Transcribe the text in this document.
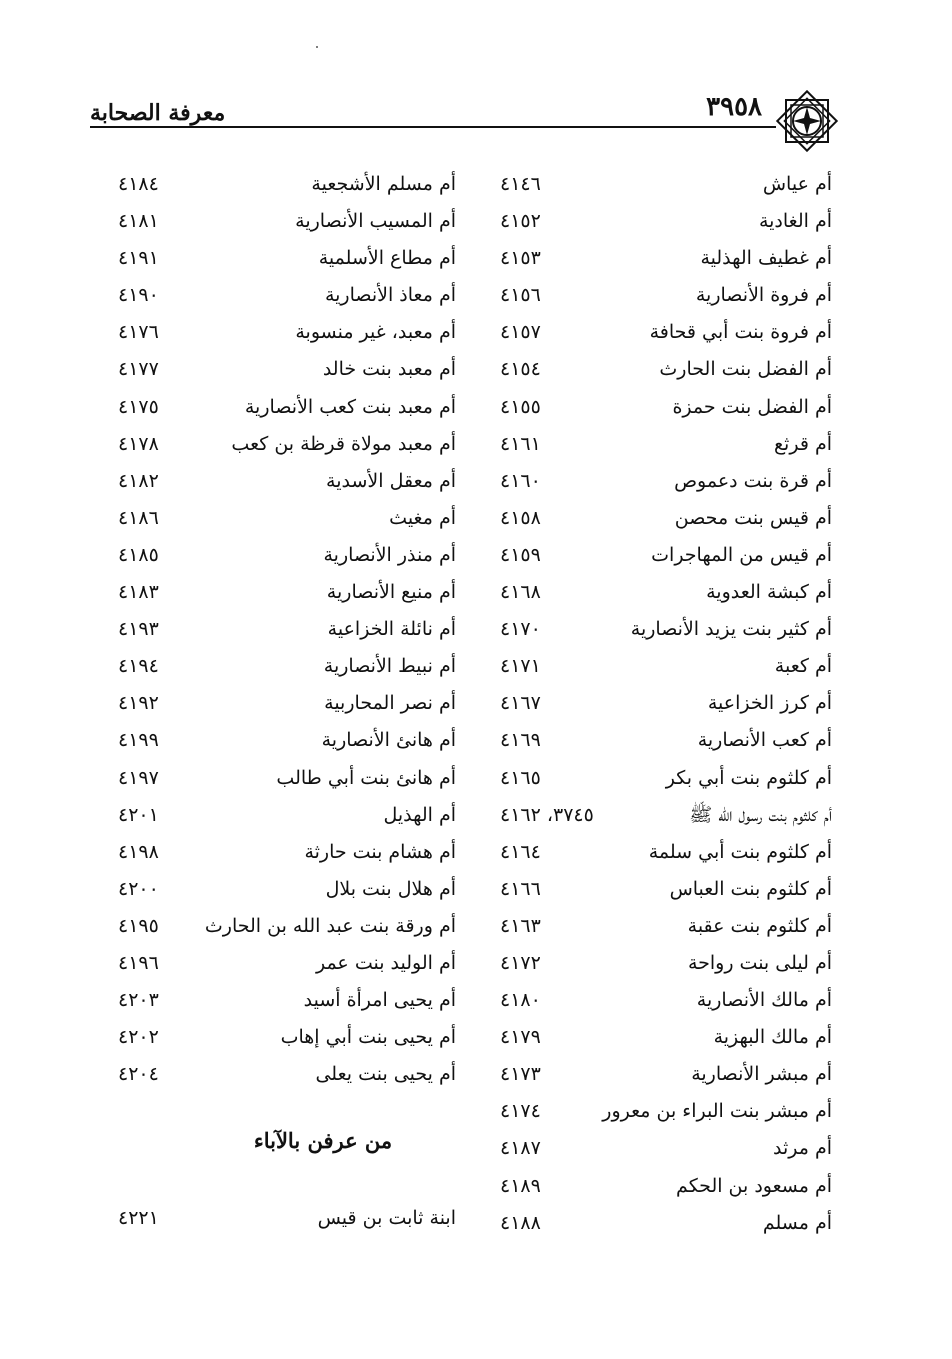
معرفة الصحابة	٣٩٥٨
أم عياش
٤١٤٦
أم الغادية
٤١٥٢
أم غطيف الهذلية
٤١٥٣
أم فروة الأنصارية
٤١٥٦
أم فروة بنت أبي قحافة
٤١٥٧
أم الفضل بنت الحارث
٤١٥٤
أم الفضل بنت حمزة
٤١٥٥
أم قرثع
٤١٦١
أم قرة بنت دعموص
٤١٦٠
أم قيس بنت محصن
٤١٥٨
أم قيس من المهاجرات
٤١٥٩
أم كبشة العدوية
٤١٦٨
أم كثير بنت يزيد الأنصارية
٤١٧٠
أم كعبة
٤١٧١
أم كرز الخزاعية
٤١٦٧
أم كعب الأنصارية
٤١٦٩
أم كلثوم بنت أبي بكر
٤١٦٥
أم كلثوم بنت رسول الله ﷺ
٣٧٤٥، ٤١٦٢
أم كلثوم بنت أبي سلمة
٤١٦٤
أم كلثوم بنت العباس
٤١٦٦
أم كلثوم بنت عقبة
٤١٦٣
أم ليلى بنت رواحة
٤١٧٢
أم مالك الأنصارية
٤١٨٠
أم مالك البهزية
٤١٧٩
أم مبشر الأنصارية
٤١٧٣
أم مبشر بنت البراء بن معرور
٤١٧٤
أم مرثد
٤١٨٧
أم مسعود بن الحكم
٤١٨٩
أم مسلم
٤١٨٨
أم مسلم الأشجعية
٤١٨٤
أم المسيب الأنصارية
٤١٨١
أم مطاع الأسلمية
٤١٩١
أم معاذ الأنصارية
٤١٩٠
أم معبد، غير منسوبة
٤١٧٦
أم معبد بنت خالد
٤١٧٧
أم معبد بنت كعب الأنصارية
٤١٧٥
أم معبد مولاة قرظة بن كعب
٤١٧٨
أم معقل الأسدية
٤١٨٢
أم مغيث
٤١٨٦
أم منذر الأنصارية
٤١٨٥
أم منيع الأنصارية
٤١٨٣
أم نائلة الخزاعية
٤١٩٣
أم نبيط الأنصارية
٤١٩٤
أم نصر المحاربية
٤١٩٢
أم هانئ الأنصارية
٤١٩٩
أم هانئ بنت أبي طالب
٤١٩٧
أم الهذيل
٤٢٠١
أم هشام بنت حارثة
٤١٩٨
أم هلال بنت بلال
٤٢٠٠
أم ورقة بنت عبد الله بن الحارث
٤١٩٥
أم الوليد بنت عمر
٤١٩٦
أم يحيى امرأة أسيد
٤٢٠٣
أم يحيى بنت أبي إهاب
٤٢٠٢
أم يحيى بنت يعلى
٤٢٠٤
من عرفن بالآباء
ابنة ثابت بن قيس
٤٢٢١
